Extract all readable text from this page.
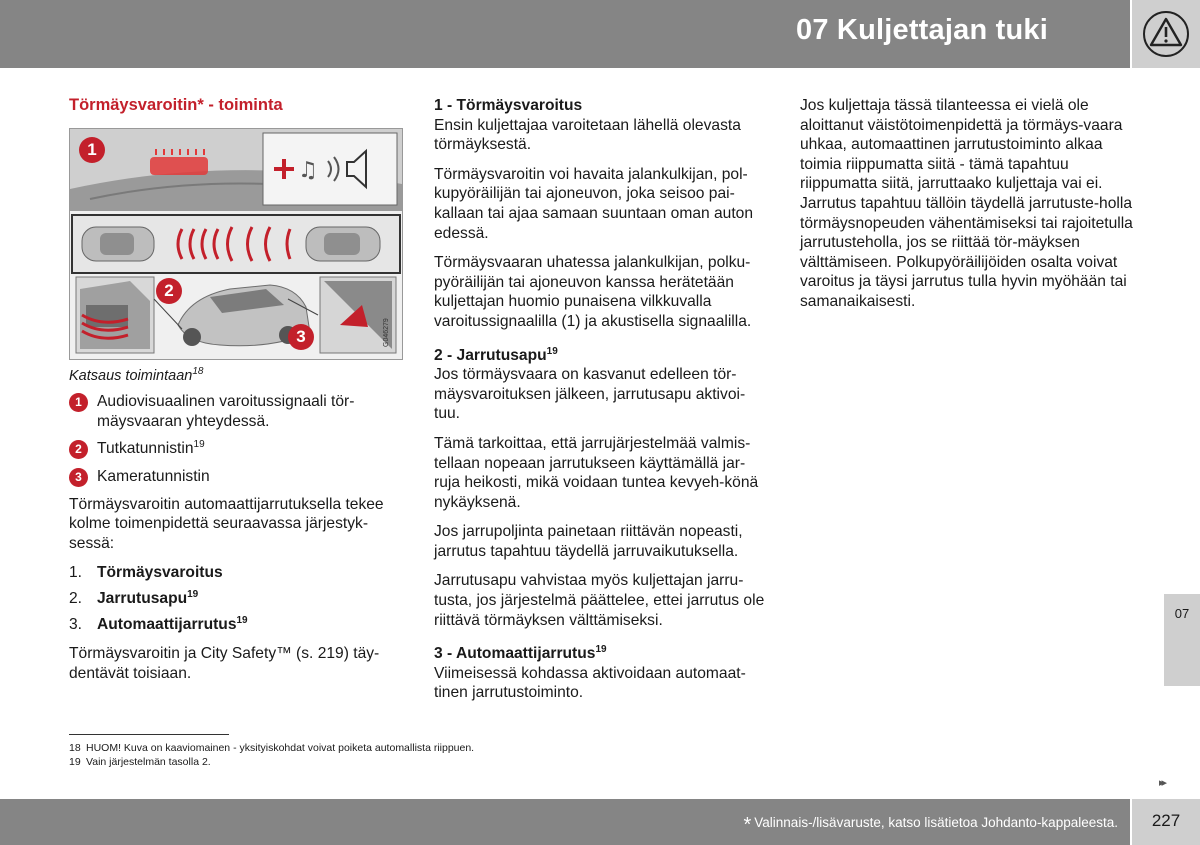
07 Kuljettajan tuki
Törmäysvaroitin* - toiminta
♫
G046279
1
2
3
Katsaus toimintaan$^{18}$
1 Audiovisuaalinen varoitussignaali tör-mäysvaaran yhteydessä.
2 Tutkatunnistin$^{19}$
3 Kameratunnistin

Törmäysvaroitin automaattijarrutuksella tekee kolme toimenpidettä seuraavassa järjestyk-sessä:

1. Törmäysvaroitus
2. Jarrutusapu$^{19}$
3. Automaattijarrutus$^{19}$

Törmäysvaroitin ja City Safety™ (s. 219) täy-dentävät toisiaan.

1 - Törmäysvaroitus

Ensin kuljettajaa varoitetaan lähellä olevasta törmäyksestä.

Törmäysvaroitin voi havaita jalankulkijan, pol-kupyöräilijän tai ajoneuvon, joka seisoo pai-kallaan tai ajaa samaan suuntaan oman auton edessä.

Törmäysvaaran uhatessa jalankulkijan, polku-pyöräilijän tai ajoneuvon kanssa herätetään kuljettajan huomio punaisena vilkkuvalla varoitussignaalilla (1) ja akustisella signaalilla.

2 - Jarrutusapu$^{19}$

Jos törmäysvaara on kasvanut edelleen tör-mäysvaroituksen jälkeen, jarrutusapu aktivoi-tuu.

Tämä tarkoittaa, että jarrujärjestelmää valmis-tellaan nopeaan jarrutukseen käyttämällä jar-ruja heikosti, mikä voidaan tuntea kevyeh-könä nykäyksenä.

Jos jarrupoljinta painetaan riittävän nopeasti, jarrutus tapahtuu täydellä jarruvaikutuksella.

Jarrutusapu vahvistaa myös kuljettajan jarru-tusta, jos järjestelmä päättelee, ettei jarrutus ole riittävä törmäyksen välttämiseksi.

3 - Automaattijarrutus$^{19}$

Viimeisessä kohdassa aktivoidaan automaat-tinen jarrutustoiminto.

Jos kuljettaja tässä tilanteessa ei vielä ole aloittanut väistötoimenpidettä ja törmäys-vaara uhkaa, automaattinen jarrutustoiminto alkaa toimia riippumatta siitä - tämä tapahtuu riippumatta siitä, jarruttaako kuljettaja vai ei. Jarrutus tapahtuu tällöin täydellä jarrutuste-holla törmäysnopeuden vähentämiseksi tai rajoitetulla jarrutusteholla, jos se riittää tör-mäyksen välttämiseen. Polkupyöräilijöiden osalta voivat varoitus ja täysi jarrutus tulla hyvin myöhään tai samanaikaisesti.

18 HUOM! Kuva on kaaviomainen - yksityiskohdat voivat poiketa automallista riippuen.
19 Vain järjestelmän tasolla 2.
07
▸▸
* Valinnais-/lisävaruste, katso lisätietoa Johdanto-kappaleesta.	227
